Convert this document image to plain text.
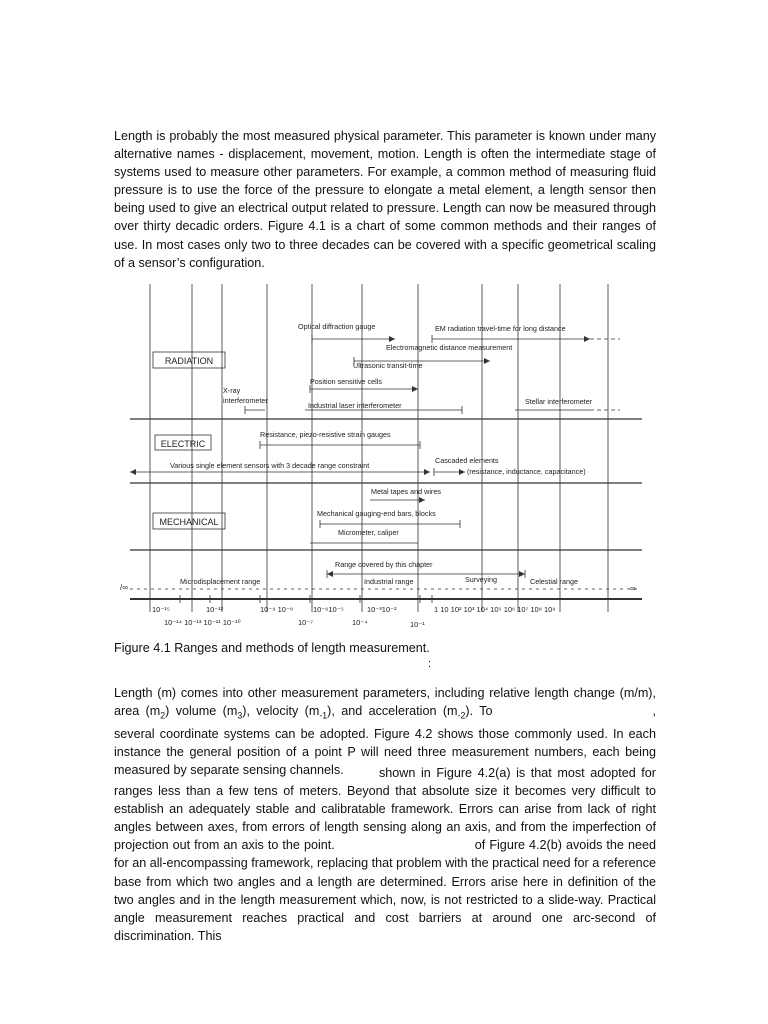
Length is probably the most measured physical parameter. This parameter is known under many alternative names - displacement, movement, motion. Length is often the intermediate stage of systems used to measure other parameters. For example, a common method of measuring fluid pressure is to use the force of the pressure to elongate a metal element, a length sensor then being used to give an electrical output related to pressure. Length can now be measured through over thirty decadic orders. Figure 4.1 is a chart of some common methods and their ranges of use. In most cases only two to three decades can be covered with a specific geometrical scaling of a sensor’s configuration.

RADIATION
ELECTRIC
MECHANICAL
Optical diffraction gauge	EM radiation travel-time for long distance
Electromagnetic distance measurement
Ultrasonic transit-time
Position sensitive cells
X-ray
interferometer
Industrial laser interferometer	Stellar interferometer
Resistance, piezo-resistive strain gauges
Various single element sensors with 3 decade range constraint
Cascaded elements
(resistance, inductance, capacitance)
Metal tapes and wires
Mechanical gauging-end bars, blocks
Micrometer, caliper
Range covered by this chapter
Microdisplacement range	Industrial range	Surveying	Celestial range
/∞	∞
10⁻¹⁵	10⁻¹²	10⁻⁹ 10⁻⁸	10⁻⁶10⁻⁵	10⁻³10⁻²	1 10 10² 10³ 10⁴ 10⁵ 10⁶ 10⁷ 10⁸ 10⁹
10⁻¹⁴ 10⁻¹³ 10⁻¹¹ 10⁻¹⁰	10⁻⁷	10⁻⁴	10⁻¹

Figure 4.1 Ranges and methods of length measurement.

:

Length (m) comes into other measurement parameters, including relative length change (m/m), area $(m_2)$ volume $(m_3)$, velocity $(m_{-1})$, and acceleration $(m_{-2})$. To	, several coordinate systems can be adopted. Figure 4.2 shows those commonly used. In each instance the general position of a point P will need three measurement numbers, each being measured by separate sensing channels.	shown in Figure 4.2(a) is that most adopted for ranges less than a few tens of meters. Beyond that absolute size it becomes very difficult to establish an adequately stable and calibratable framework. Errors can arise from lack of right angles between axes, from errors of length sensing along an axis, and from the imperfection of projection out from an axis to the point.	of Figure 4.2(b) avoids the need for an all-encompassing framework, replacing that problem with the practical need for a reference base from which two angles and a length are determined. Errors arise here in definition of the two angles and in the length measurement which, now, is not restricted to a slide-way. Practical angle measurement reaches practical and cost barriers at around one arc-second of discrimination. This
